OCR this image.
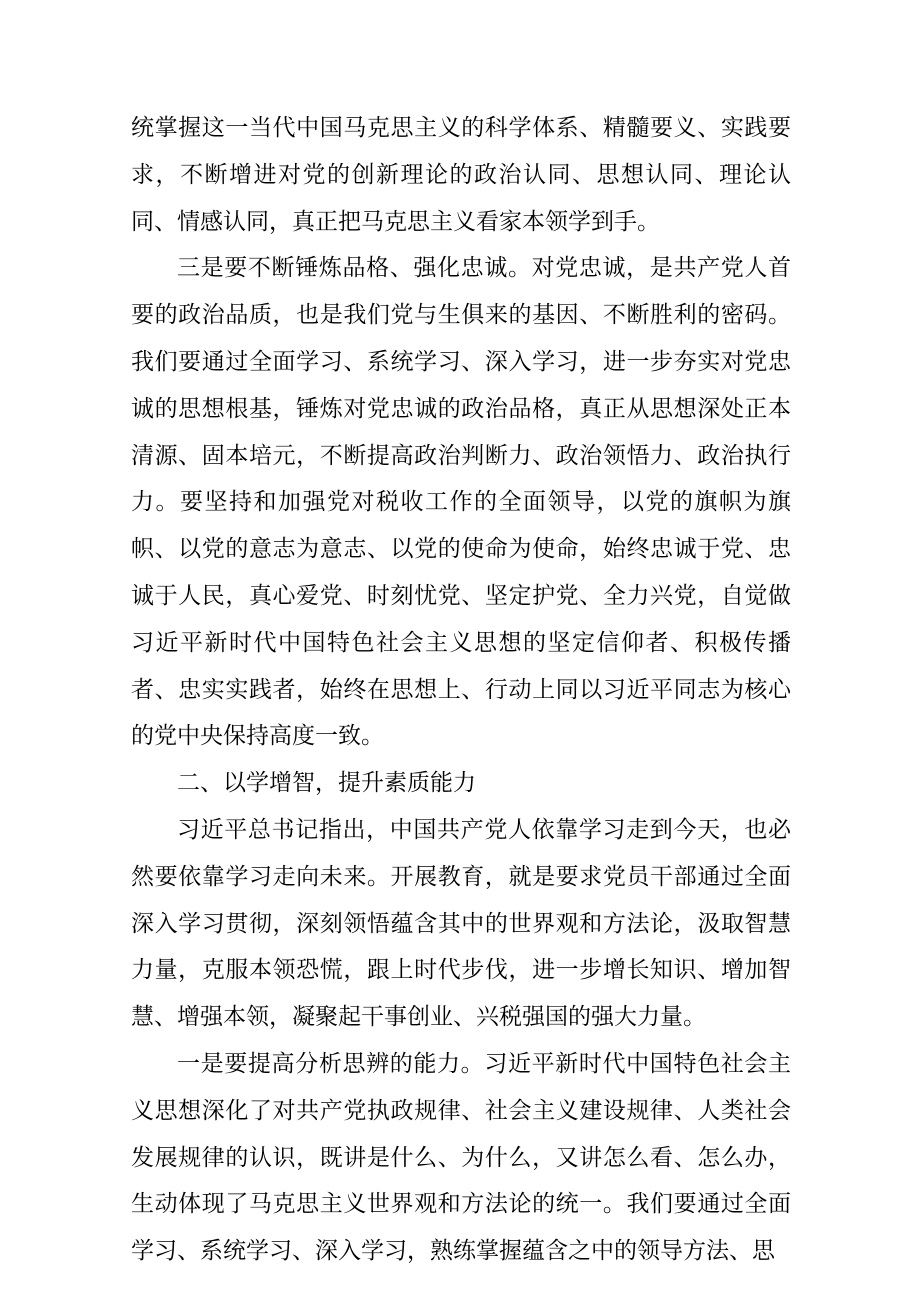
统掌握这一当代中国马克思主义的科学体系、精髓要义、实践要求，不断增进对党的创新理论的政治认同、思想认同、理论认同、情感认同，真正把马克思主义看家本领学到手。

三是要不断锤炼品格、强化忠诚。对党忠诚，是共产党人首要的政治品质，也是我们党与生俱来的基因、不断胜利的密码。我们要通过全面学习、系统学习、深入学习，进一步夯实对党忠诚的思想根基，锤炼对党忠诚的政治品格，真正从思想深处正本清源、固本培元，不断提高政治判断力、政治领悟力、政治执行力。要坚持和加强党对税收工作的全面领导，以党的旗帜为旗帜、以党的意志为意志、以党的使命为使命，始终忠诚于党、忠诚于人民，真心爱党、时刻忧党、坚定护党、全力兴党，自觉做习近平新时代中国特色社会主义思想的坚定信仰者、积极传播者、忠实实践者，始终在思想上、行动上同以习近平同志为核心的党中央保持高度一致。

二、以学增智，提升素质能力

习近平总书记指出，中国共产党人依靠学习走到今天，也必然要依靠学习走向未来。开展教育，就是要求党员干部通过全面深入学习贯彻，深刻领悟蕴含其中的世界观和方法论，汲取智慧力量，克服本领恐慌，跟上时代步伐，进一步增长知识、增加智慧、增强本领，凝聚起干事创业、兴税强国的强大力量。

一是要提高分析思辨的能力。习近平新时代中国特色社会主义思想深化了对共产党执政规律、社会主义建设规律、人类社会发展规律的认识，既讲是什么、为什么，又讲怎么看、怎么办，生动体现了马克思主义世界观和方法论的统一。我们要通过全面学习、系统学习、深入学习，熟练掌握蕴含之中的领导方法、思
